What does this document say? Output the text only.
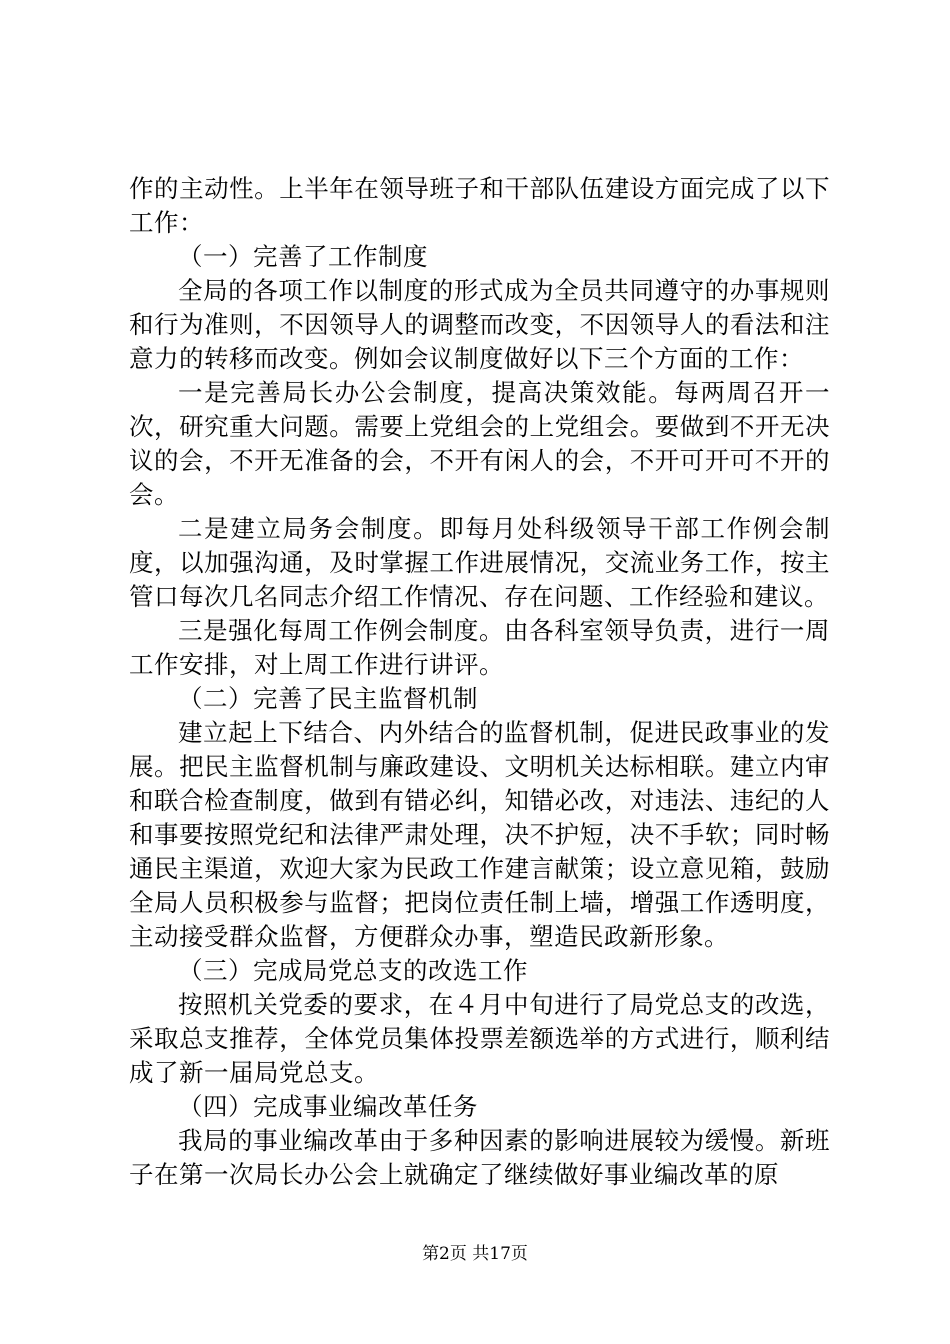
作的主动性。上半年在领导班子和干部队伍建设方面完成了以下工作：

（一）完善了工作制度

全局的各项工作以制度的形式成为全员共同遵守的办事规则和行为准则，不因领导人的调整而改变，不因领导人的看法和注意力的转移而改变。例如会议制度做好以下三个方面的工作：

一是完善局长办公会制度，提高决策效能。每两周召开一次，研究重大问题。需要上党组会的上党组会。要做到不开无决议的会，不开无准备的会，不开有闲人的会，不开可开可不开的会。

二是建立局务会制度。即每月处科级领导干部工作例会制度，以加强沟通，及时掌握工作进展情况，交流业务工作，按主管口每次几名同志介绍工作情况、存在问题、工作经验和建议。

三是强化每周工作例会制度。由各科室领导负责，进行一周工作安排，对上周工作进行讲评。

（二）完善了民主监督机制

建立起上下结合、内外结合的监督机制，促进民政事业的发展。把民主监督机制与廉政建设、文明机关达标相联。建立内审和联合检查制度，做到有错必纠，知错必改，对违法、违纪的人和事要按照党纪和法律严肃处理，决不护短，决不手软；同时畅通民主渠道，欢迎大家为民政工作建言献策；设立意见箱，鼓励全局人员积极参与监督；把岗位责任制上墙，增强工作透明度，主动接受群众监督，方便群众办事，塑造民政新形象。

（三）完成局党总支的改选工作

按照机关党委的要求，在４月中旬进行了局党总支的改选，采取总支推荐，全体党员集体投票差额选举的方式进行，顺利结成了新一届局党总支。

（四）完成事业编改革任务

我局的事业编改革由于多种因素的影响进展较为缓慢。新班子在第一次局长办公会上就确定了继续做好事业编改革的原

第2页 共17页
